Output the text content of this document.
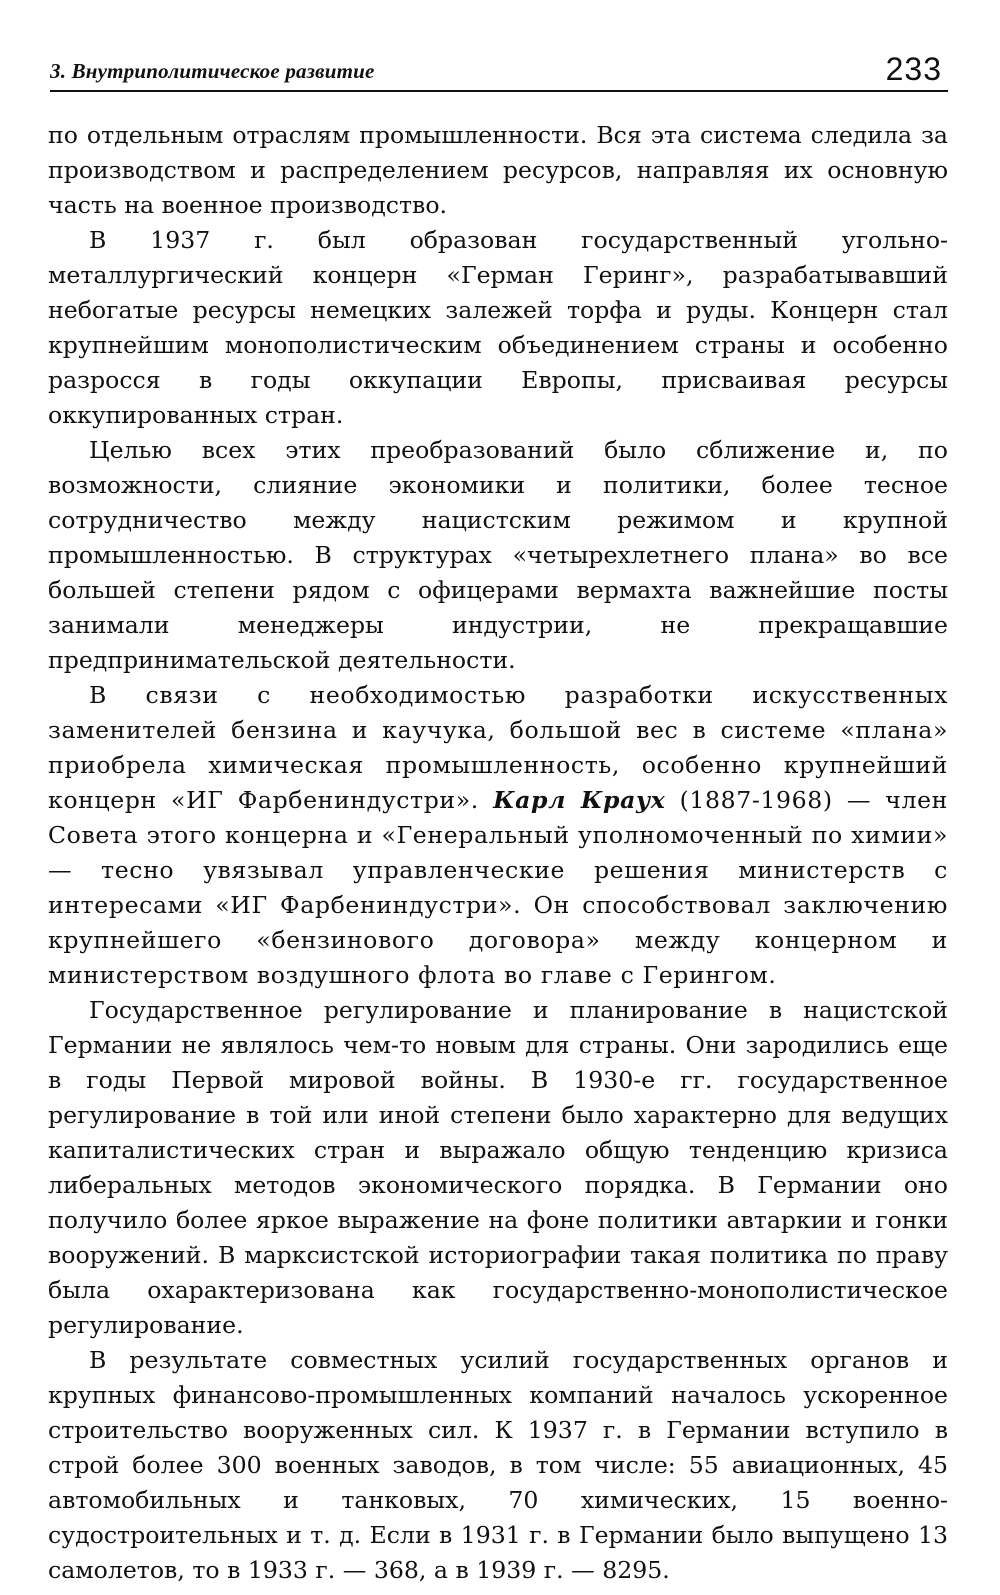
3. Внутриполитическое развитие	233

по отдельным отраслям промышленности. Вся эта система следила за производством и распределением ресурсов, направляя их основную часть на военное производство.

В 1937 г. был образован государственный угольно-металлургический концерн «Герман Геринг», разрабатывавший небогатые ресурсы немецких залежей торфа и руды. Концерн стал крупнейшим монополистическим объединением страны и особенно разросся в годы оккупации Европы, присваивая ресурсы оккупированных стран.

Целью всех этих преобразований было сближение и, по возможности, слияние экономики и политики, более тесное сотрудничество между нацистским режимом и крупной промышленностью. В структурах «четырехлетнего плана» во все большей степени рядом с офицерами вермахта важнейшие посты занимали менеджеры индустрии, не прекращавшие предпринимательской деятельности.

В связи с необходимостью разработки искусственных заменителей бензина и каучука, большой вес в системе «плана» приобрела химическая промышленность, особенно крупнейший концерн «ИГ Фарбениндустри». Карл Краух (1887-1968) — член Совета этого концерна и «Генеральный уполномоченный по химии» — тесно увязывал управленческие решения министерств с интересами «ИГ Фарбениндустри». Он способствовал заключению крупнейшего «бензинового договора» между концерном и министерством воздушного флота во главе с Герингом.

Государственное регулирование и планирование в нацистской Германии не являлось чем-то новым для страны. Они зародились еще в годы Первой мировой войны. В 1930-е гг. государственное регулирование в той или иной степени было характерно для ведущих капиталистических стран и выражало общую тенденцию кризиса либеральных методов экономического порядка. В Германии оно получило более яркое выражение на фоне политики автаркии и гонки вооружений. В марксистской историографии такая политика по праву была охарактеризована как государственно-монополистическое регулирование.

В результате совместных усилий государственных органов и крупных финансово-промышленных компаний началось ускоренное строительство вооруженных сил. К 1937 г. в Германии вступило в строй более 300 военных заводов, в том числе: 55 авиационных, 45 автомобильных и танковых, 70 химических, 15 военно-судостроительных и т. д. Если в 1931 г. в Германии было выпущено 13 самолетов, то в 1933 г. — 368, а в 1939 г. — 8295.
